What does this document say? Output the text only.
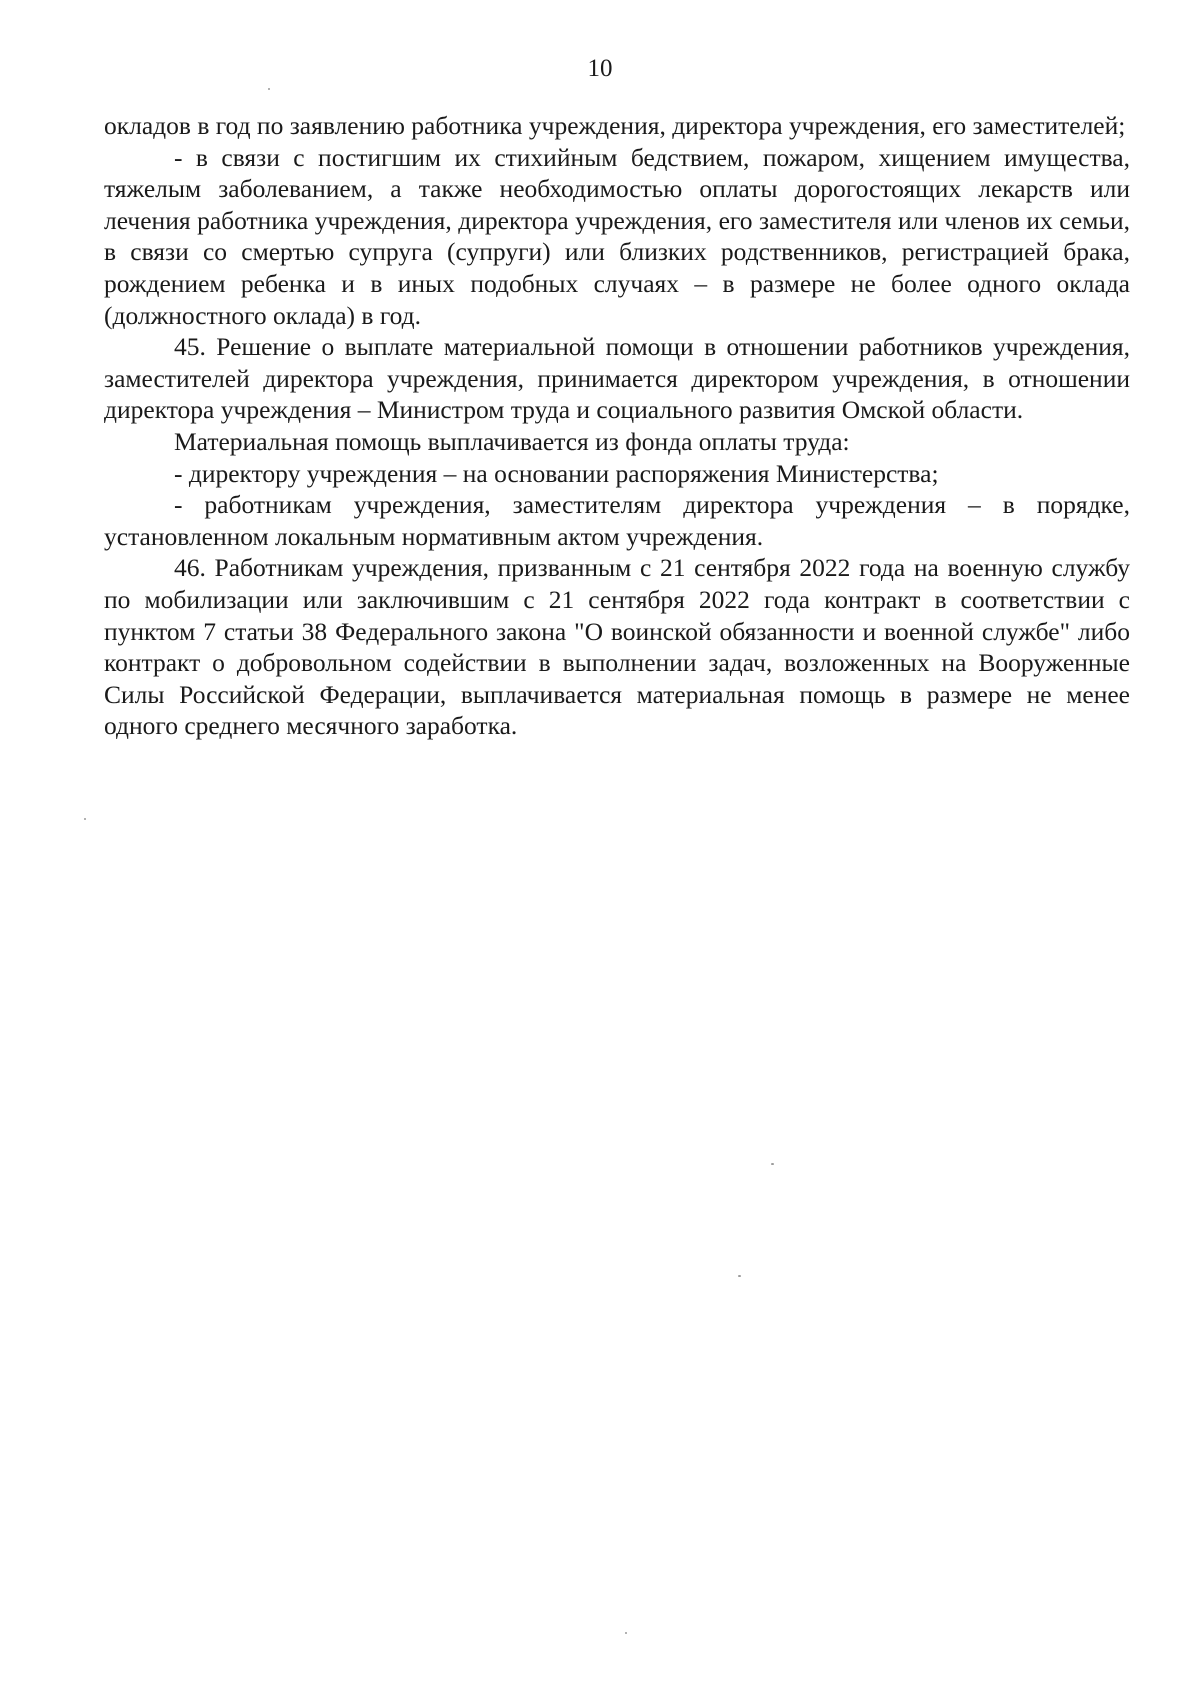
10

окладов в год по заявлению работника учреждения, директора учреждения, его заместителей;

- в связи с постигшим их стихийным бедствием, пожаром, хищением имущества, тяжелым заболеванием, а также необходимостью оплаты дорогостоящих лекарств или лечения работника учреждения, директора учреждения, его заместителя или членов их семьи, в связи со смертью супруга (супруги) или близких родственников, регистрацией брака, рождением ребенка и в иных подобных случаях – в размере не более одного оклада (должностного оклада) в год.

45. Решение о выплате материальной помощи в отношении работников учреждения, заместителей директора учреждения, принимается директором учреждения, в отношении директора учреждения – Министром труда и социального развития Омской области.

Материальная помощь выплачивается из фонда оплаты труда:

- директору учреждения – на основании распоряжения Министерства;

- работникам учреждения, заместителям директора учреждения – в порядке, установленном локальным нормативным актом учреждения.

46. Работникам учреждения, призванным с 21 сентября 2022 года на военную службу по мобилизации или заключившим с 21 сентября 2022 года контракт в соответствии с пунктом 7 статьи 38 Федерального закона "О воинской обязанности и военной службе" либо контракт о добровольном содействии в выполнении задач, возложенных на Вооруженные Силы Российской Федерации, выплачивается материальная помощь в размере не менее одного среднего месячного заработка.
